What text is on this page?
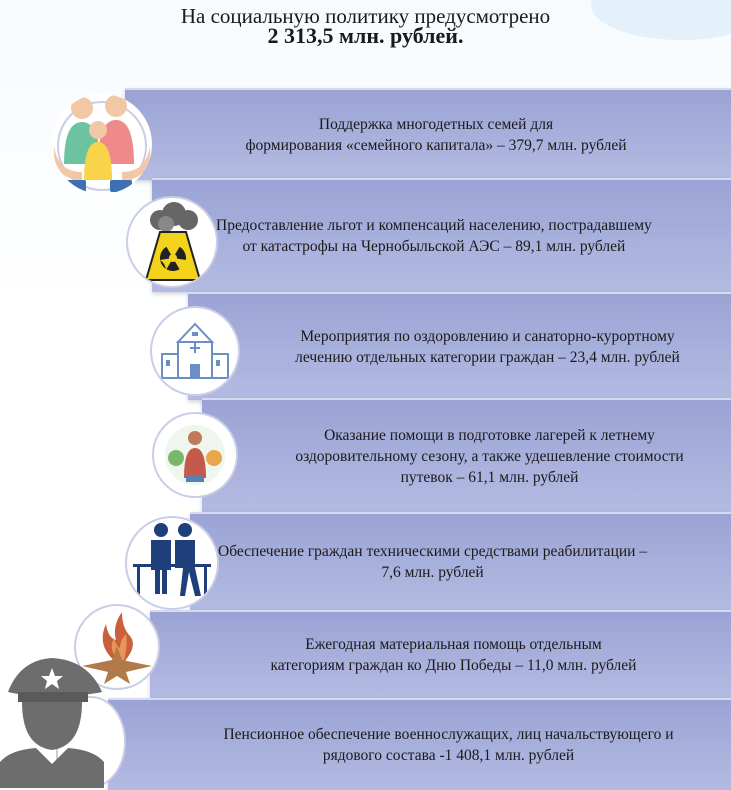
На социальную политику предусмотрено
2 313,5 млн. рублей.
Поддержка многодетных семей для
формирования «семейного капитала» – 379,7 млн. рублей
Предоставление льгот и компенсаций населению, пострадавшему
от катастрофы на Чернобыльской АЭС – 89,1 млн. рублей
Мероприятия по оздоровлению и санаторно-курортному
лечению отдельных категории граждан – 23,4 млн. рублей
Оказание помощи в подготовке лагерей к летнему
оздоровительному сезону, а также удешевление стоимости
путевок – 61,1 млн. рублей
Обеспечение граждан техническими средствами реабилитации –
7,6 млн. рублей
Ежегодная материальная помощь отдельным
категориям граждан ко Дню Победы – 11,0 млн. рублей
Пенсионное обеспечение военнослужащих, лиц начальствующего и
рядового состава -1 408,1 млн. рублей
